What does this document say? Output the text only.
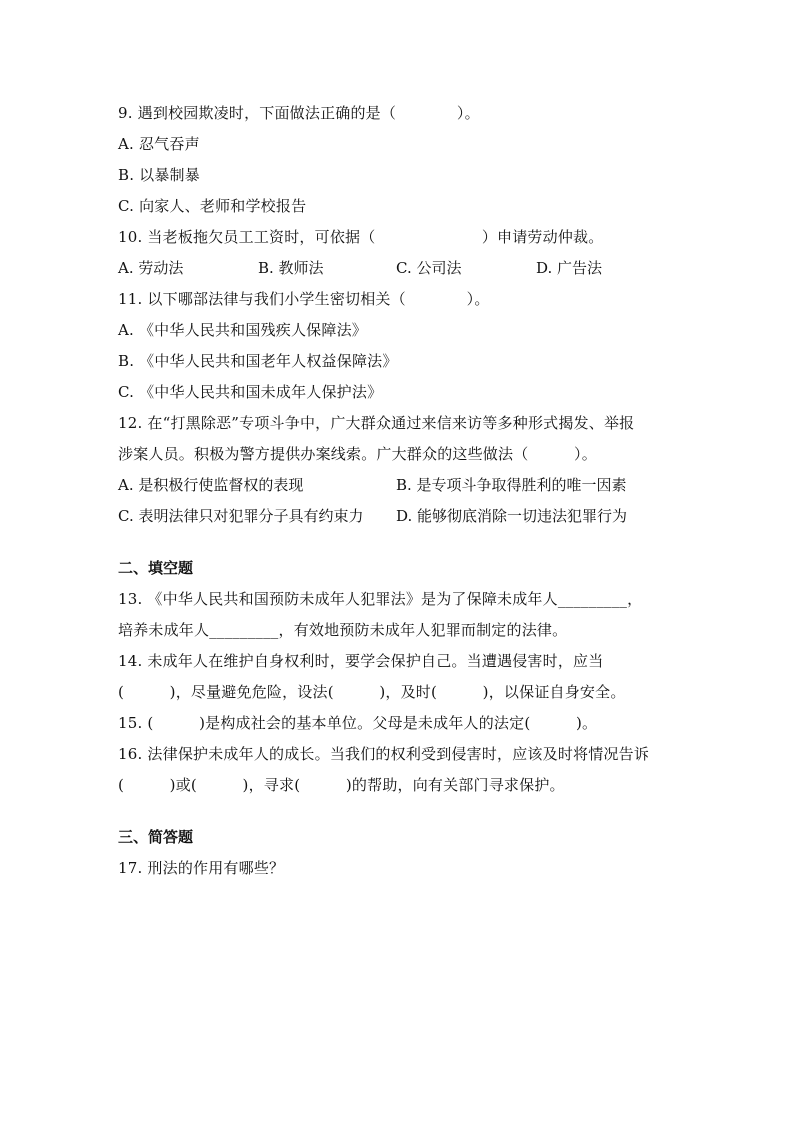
9. 遇到校园欺凌时，下面做法正确的是（　　　　）。
A. 忍气吞声
B. 以暴制暴
C. 向家人、老师和学校报告
10. 当老板拖欠员工工资时，可依据（　　　　　　　）申请劳动仲裁。
A. 劳动法	B. 教师法	C. 公司法	D. 广告法
11. 以下哪部法律与我们小学生密切相关（　　　　）。
A. 《中华人民共和国残疾人保障法》
B. 《中华人民共和国老年人权益保障法》
C. 《中华人民共和国未成年人保护法》
12. 在“打黑除恶”专项斗争中，广大群众通过来信来访等多种形式揭发、举报
涉案人员。积极为警方提供办案线索。广大群众的这些做法（　　　）。
A. 是积极行使监督权的表现	B. 是专项斗争取得胜利的唯一因素
C. 表明法律只对犯罪分子具有约束力	D. 能够彻底消除一切违法犯罪行为
二、填空题
13. 《中华人民共和国预防未成年人犯罪法》是为了保障未成年人_________，
培养未成年人_________，有效地预防未成年人犯罪而制定的法律。
14. 未成年人在维护自身权利时，要学会保护自己。当遭遇侵害时，应当
(　　　)，尽量避免危险，设法(　　　)，及时(　　　)，以保证自身安全。
15. (　　　)是构成社会的基本单位。父母是未成年人的法定(　　　)。
16. 法律保护未成年人的成长。当我们的权利受到侵害时，应该及时将情况告诉
(　　　)或(　　　)，寻求(　　　)的帮助，向有关部门寻求保护。
三、简答题
17. 刑法的作用有哪些？
